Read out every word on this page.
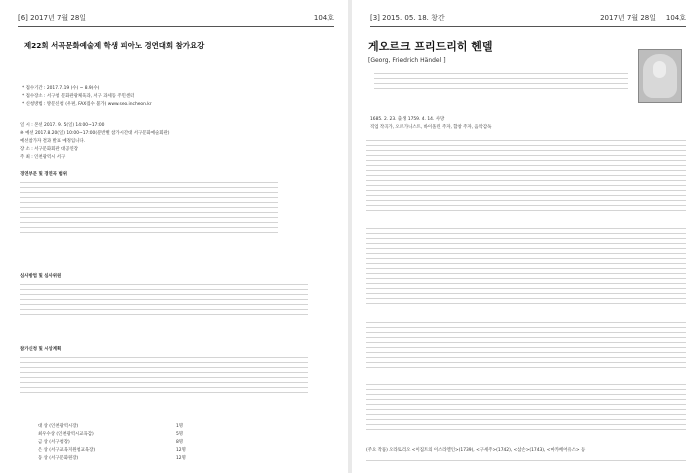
[6] 2017년 7월 28일	104호
제22회 서곡문화예술제 학생 피아노 경연대회 참가요강
* 접수기간 : 2017.7.19 (수) ~ 8.9(수)
* 접수장소 : 서구청 문화관광체육과, 서구 과세동 주민센터
* 신청방법 : 방문신청 (우편, FAX접수 불가) www.seo.incheon.kr
일 시 : 본선 2017. 9. 5(일) 14:00~17:00
※ 예선 2017.8.20(일) 10:00~17:00(분반별 참가시간대 서구문화예술회관)
예선참가자 결과 발표 예정입니다.
장 소 : 서구문화회관 대공연장
주 최 : 인천광역시 서구
경연부문 및 경연곡 범위
심사방법 및 심사위원
참가신청 및 시상계획
대 상 (인천광역시장)	1명
최우수상 (인천광역시교육감)	5명
금 상 (서구청장)	8명
은 상 (서구교육지원청교육장)	12명
동 상 (서구문화원장)	12명
[3] 2015. 05. 18. 창간	2017년 7월 28일 104호
게오르크 프리드리히 헨델
[Georg, Friedrich Händel ]
1685. 2. 23. 출생 1759. 4. 14. 사망
직업 작곡가, 오르가니스트, 바이올린 주자, 합창 주자, 음악감독
(주요 작품) 오라토리오 <이집트의 이스라엘인>(1739), <구세주>(1742), <삼손>(1743), <마카베어유스> 등
